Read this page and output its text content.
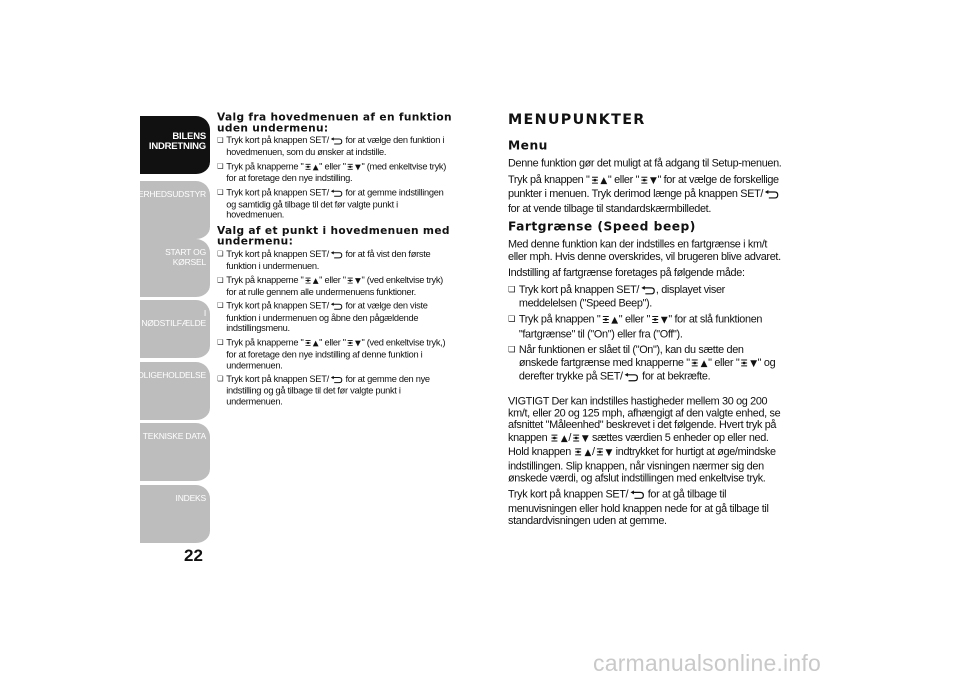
BILENS
INDRETNING
SIKKERHEDSUDSTYR
START OG KØRSEL
I NØDSTILFÆLDE
VEDLIGEHOLDELSE
TEKNISKE DATA
INDEKS
22
Valg fra hovedmenuen af en funktion uden undermenu:
❏ Tryk kort på knappen SET/ for at vælge den funktion i hovedmenuen, som du ønsker at indstille.
❏ Tryk på knapperne " ▲" eller " ▼" (med enkeltvise tryk) for at foretage den nye indstilling.
❏ Tryk kort på knappen SET/ for at gemme indstillingen og samtidig gå tilbage til det før valgte punkt i hovedmenuen.
Valg af et punkt i hovedmenuen med undermenu:
❏ Tryk kort på knappen SET/ for at få vist den første funktion i undermenuen.
❏ Tryk på knapperne " ▲" eller " ▼" (ved enkeltvise tryk) for at rulle gennem alle undermenuens funktioner.
❏ Tryk kort på knappen SET/ for at vælge den viste funktion i undermenuen og åbne den pågældende indstillingsmenu.
❏ Tryk på knapperne " ▲" eller " ▼" (ved enkeltvise tryk,) for at foretage den nye indstilling af denne funktion i undermenuen.
❏ Tryk kort på knappen SET/ for at gemme den nye indstilling og gå tilbage til det før valgte punkt i undermenuen.
MENUPUNKTER
Menu

Denne funktion gør det muligt at få adgang til Setup-menuen.

Tryk på knappen " ▲" eller " ▼" for at vælge de forskellige punkter i menuen. Tryk derimod længe på knappen SET/ for at vende tilbage til standardskærmbilledet.

Fartgrænse (Speed beep)

Med denne funktion kan der indstilles en fartgrænse i km/t eller mph. Hvis denne overskrides, vil brugeren blive advaret.

Indstilling af fartgrænse foretages på følgende måde:

❏ Tryk kort på knappen SET/ , displayet viser meddelelsen ("Speed Beep").
❏ Tryk på knappen " ▲" eller " ▼" for at slå funktionen "fartgrænse" til ("On") eller fra ("Off").
❏ Når funktionen er slået til ("On"), kan du sætte den ønskede fartgrænse med knapperne " ▲" eller " ▼" og derefter trykke på SET/ for at bekræfte.

VIGTIGT Der kan indstilles hastigheder mellem 30 og 200 km/t, eller 20 og 125 mph, afhængigt af den valgte enhed, se afsnittet "Måleenhed" beskrevet i det følgende. Hvert tryk på knappen ▲/ ▼ sættes værdien 5 enheder op eller ned. Hold knappen ▲/ ▼ indtrykket for hurtigt at øge/mindske indstillingen. Slip knappen, når visningen nærmer sig den ønskede værdi, og afslut indstillingen med enkeltvise tryk.

Tryk kort på knappen SET/ for at gå tilbage til menuvisningen eller hold knappen nede for at gå tilbage til standardvisningen uden at gemme.

carmanualsonline.info
